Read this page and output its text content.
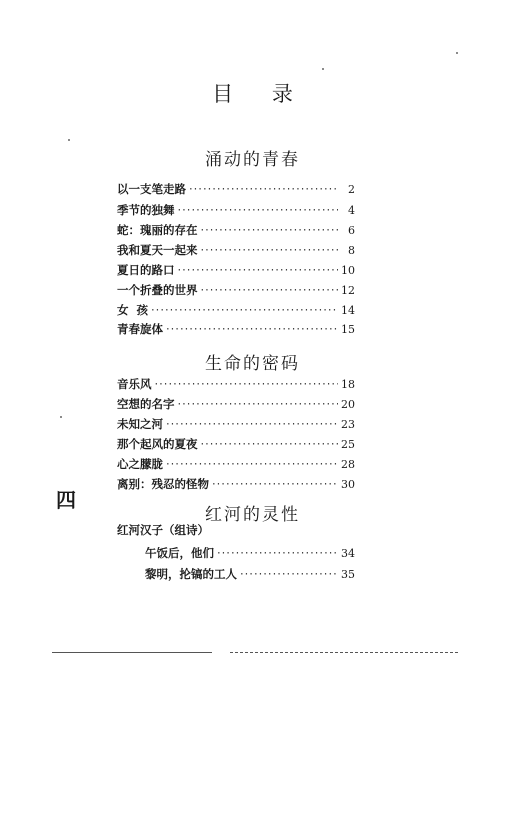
目 录
涌动的青春
以一支笔走路 ·····	2
季节的独舞 ·····	4
蛇：瑰丽的存在 ·····	6
我和夏天一起来 ·····	8
夏日的路口 ·····	10
一个折叠的世界 ·····	12
女  孩 ·····	14
青春旋体 ·····	15
生命的密码
音乐风 ·····	18
空想的名字 ·····	20
未知之河 ·····	23
那个起风的夏夜 ·····	25
心之朦胧 ·····	28
离别：残忍的怪物 ·····	30
红河的灵性
红河汉子（组诗）
午饭后，他们 ·····	34
黎明，抡镐的工人 ·····	35
四
